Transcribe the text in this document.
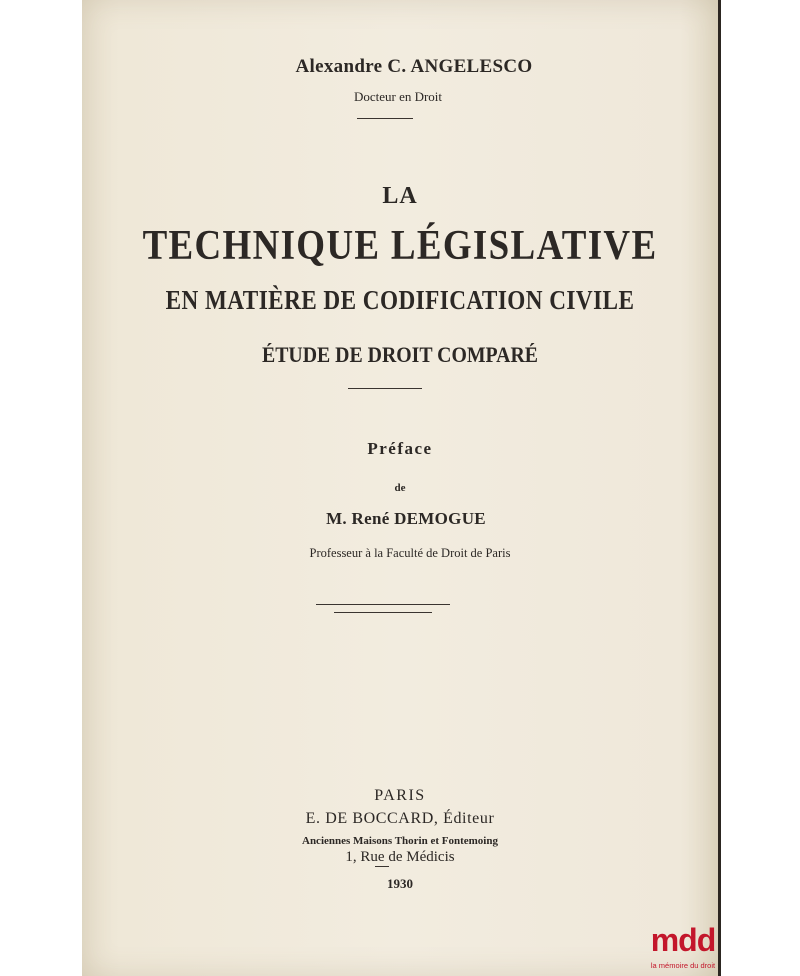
Alexandre C. ANGELESCO
Docteur en Droit
LA
TECHNIQUE LÉGISLATIVE
EN MATIÈRE DE CODIFICATION CIVILE
ÉTUDE DE DROIT COMPARÉ
Préface
de
M. René DEMOGUE
Professeur à la Faculté de Droit de Paris
PARIS
E. DE BOCCARD, Éditeur
Anciennes Maisons Thorin et Fontemoing
1, Rue de Médicis
1930
mdd
la mémoire du droit
